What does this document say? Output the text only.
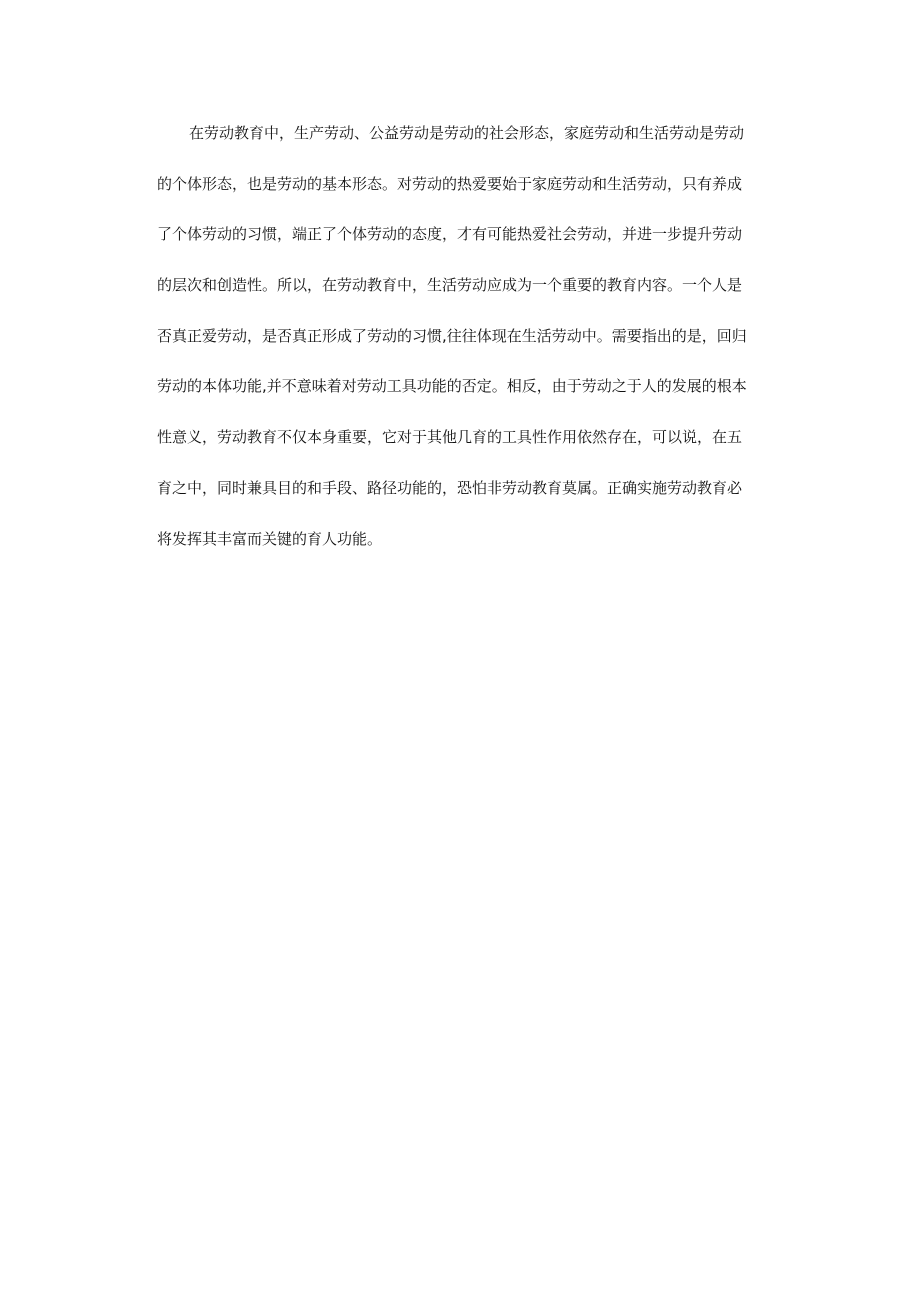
在劳动教育中，生产劳动、公益劳动是劳动的社会形态，家庭劳动和生活劳动是劳动
的个体形态，也是劳动的基本形态。对劳动的热爱要始于家庭劳动和生活劳动，只有养成
了个体劳动的习惯，端正了个体劳动的态度，才有可能热爱社会劳动，并进一步提升劳动
的层次和创造性。所以，在劳动教育中，生活劳动应成为一个重要的教育内容。一个人是
否真正爱劳动，是否真正形成了劳动的习惯,往往体现在生活劳动中。需要指出的是，回归
劳动的本体功能,并不意味着对劳动工具功能的否定。相反，由于劳动之于人的发展的根本
性意义，劳动教育不仅本身重要，它对于其他几育的工具性作用依然存在，可以说，在五
育之中，同时兼具目的和手段、路径功能的，恐怕非劳动教育莫属。正确实施劳动教育必
将发挥其丰富而关键的育人功能。
